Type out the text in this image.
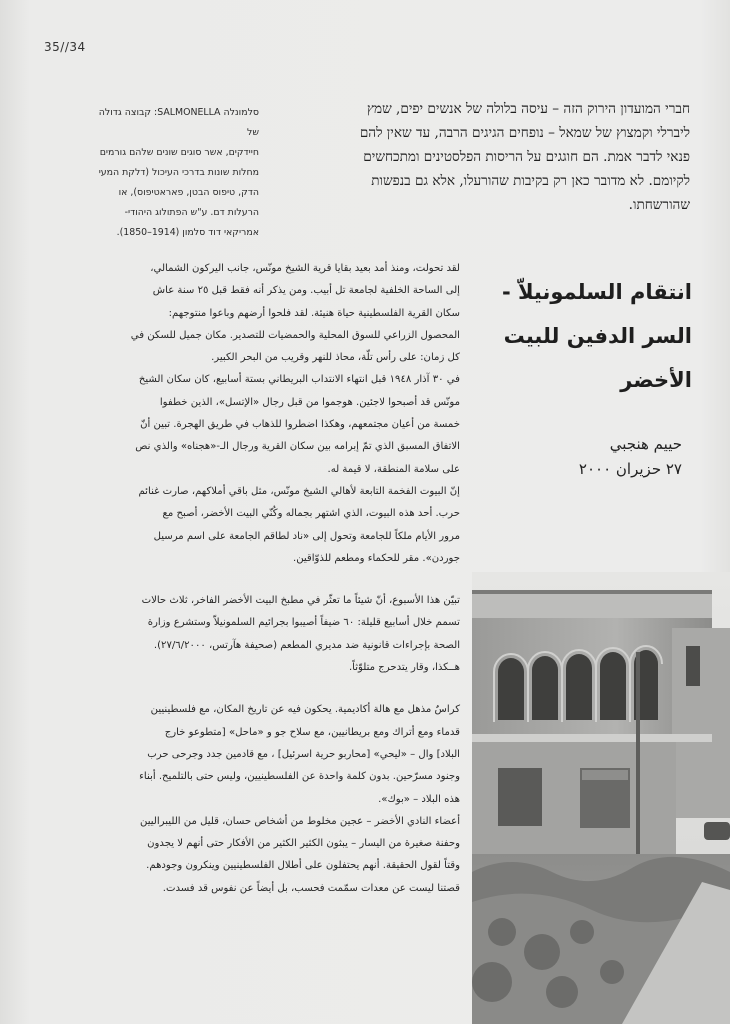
35//34

חברי המועדון הירוק הזה – עיסה בלולה של אנשים יפים, שמץ

ליברלי וקמצוץ של שמאל – נופחים הגיגים הרבה, עד שאין להם

פנאי לדבר אמת. הם חוגגים על הריסות הפלסטינים ומתכחשים

לקיומם. לא מדובר כאן רק בקיבות שהורעלו, אלא גם בנפשות

שהורשחתו.

סלמונלה SALMONELLA: קבוצה גדולה של

חיידקים, אשר סוגים שונים שלהם גורמים

מחלות שונות בדרכי העיכול (דלקת המעי

הדק, טיפוס הבטן, פאראטיפוס), או

הרעלות דם. ע"ש הפתולוג היהודי-

אמריקאי דוד סלמון (1914–1850).

انتقام السلمونيلاّ -
السر الدفين للبيت
الأخضر
حييم هنجبي
٢٧ حزيران ٢٠٠٠

لقد تحولت، ومنذ أمد بعيد بقايا قرية الشيخ مونّس، جانب اليركون الشمالي،

إلى الساحة الخلفية لجامعة تل أبيب. ومن يذكر أنه فقط قبل ٢٥ سنة عاش

سكان القرية الفلسطينية حياة هنيئة. لقد فلحوا أرضهم وباعوا منتوجهم:

المحصول الزراعي للسوق المحلية والحمضيات للتصدير. مكان جميل للسكن في

كل زمان: على رأس تلّة، محاذ للنهر وقريب من البحر الكبير.

في ٣٠ آذار ١٩٤٨ قبل انتهاء الانتداب البريطاني بستة أسابيع، كان سكان الشيخ

مونّس قد أصبحوا لاجئين. هوجموا من قبل رجال «الإتسل»، الذين خطفوا

خمسة من أعيان مجتمعهم، وهكذا اضطروا للذهاب في طريق الهجرة. تبين أنّ

الاتفاق المسبق الذي تمّ إبرامه بين سكان القرية ورجال الـ-«هجناه» والذي نص

على سلامة المنطقة، لا قيمة له.

إنّ البيوت الفخمة التابعة لأهالي الشيخ مونّس، مثل باقي أملاكهم، صارت غنائم

حرب. أحد هذه البيوت، الذي اشتهر بجماله وكُنّي البيت الأخضر، أصبح مع

مرور الأيام ملكاً للجامعة وتحول إلى «ناد لطاقم الجامعة على اسم مرسيل

جوردن». مقر للحكماء ومطعم للذوّاقين.

تبيّن هذا الأسبوع، أنّ شيئاً ما تعثّر في مطبخ البيت الأخضر الفاخر، ثلاث حالات

تسمم خلال أسابيع قليلة: ٦٠ ضيفاً أصيبوا بجرائيم السلمونيلاّ وستشرع وزارة

الصحة بإجراءات قانونية ضد مديري المطعم (صحيفة هآرتس، ٢٧/٦/٢٠٠٠).

هــكذا، وقار يتدحرج متلوّثاً.

كراسٌ مذهل مع هالة أكاديمية. يحكون فيه عن تاريخ المكان، مع فلسطينيين

قدماء ومع أتراك ومع بريطانيين، مع سلاح جو و «ماحل» [متطوعو خارج

البلاد] وال – «ليحي» [محاربو حرية اسرئيل] ، مع قادمين جدد وجرحى حرب

وجنود مسرّحين. بدون كلمة واحدة عن الفلسطينيين، وليس حتى بالتلميح. أبناء

هذه البلاد – «بوك».

أعضاء النادي الأخضر – عجين مخلوط من أشخاص حسان، قليل من الليبراليين

وحفنة صغيرة من اليسار – يبثون الكثير الكثير من الأفكار حتى أنهم لا يجدون

وقتاً لقول الحقيقة. أنهم يحتفلون على أطلال الفلسطينيين وينكرون وجودهم.

قصتنا ليست عن معدات سمّمت فحسب، بل أيضاً عن نفوس قد فسدت.
